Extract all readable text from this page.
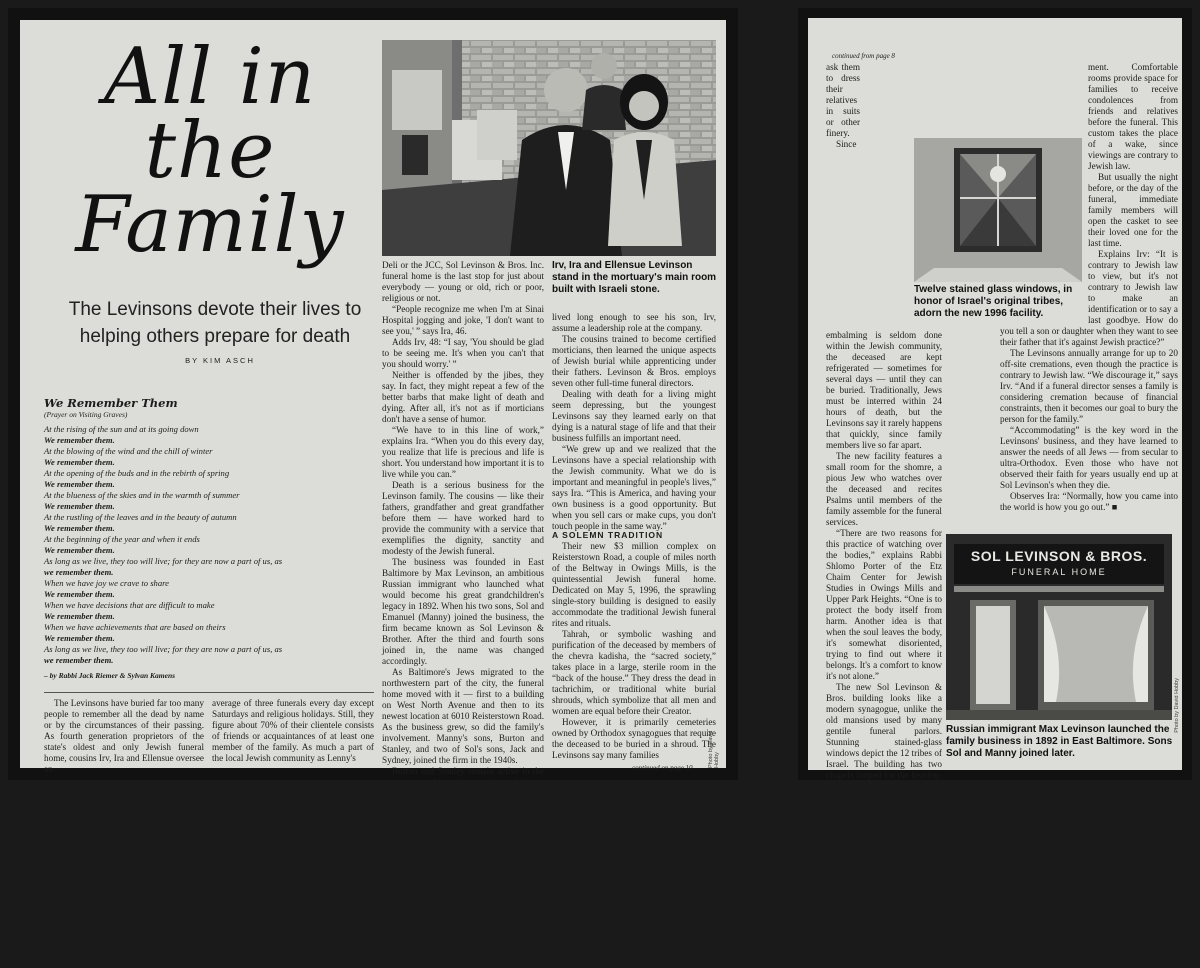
All in
the
Family
The Levinsons devote their lives to helping others prepare for death
BY KIM ASCH
We Remember Them
(Prayer on Visiting Graves)
At the rising of the sun and at its going down
We remember them.
At the blowing of the wind and the chill of winter
We remember them.
At the opening of the buds and in the rebirth of spring
We remember them.
At the blueness of the skies and in the warmth of summer
We remember them.
At the rustling of the leaves and in the beauty of autumn
We remember them.
At the beginning of the year and when it ends
We remember them.
As long as we live, they too will live; for they are now a part of us, as
we remember them.
When we have joy we crave to share
We remember them.
When we have decisions that are difficult to make
We remember them.
When we have achievements that are based on theirs
We remember them.
As long as we live, they too will live; for they are now a part of us, as
we remember them.
– by Rabbi Jack Riemer & Sylvan Kamens

The Levinsons have buried far too many people to remember all the dead by name or by the circumstances of their passing. As fourth generation proprietors of the state's oldest and only Jewish funeral home, cousins Irv, Ira and Ellensue oversee an

average of three funerals every day except Saturdays and religious holidays. Still, they figure about 70% of their clientele consists of friends or acquaintances of at least one member of the family. As much a part of the local Jewish community as Lenny's	Photo by David Hobby
Irv, Ira and Ellensue Levinson stand in the mortuary's main room built with Israeli stone.

Deli or the JCC, Sol Levinson & Bros. Inc. funeral home is the last stop for just about everybody — young or old, rich or poor, religious or not.

“People recognize me when I'm at Sinai Hospital jogging and joke, 'I don't want to see you,' ” says Ira, 46.

Adds Irv, 48: “I say, 'You should be glad to be seeing me. It's when you can't that you should worry.' ”

Neither is offended by the jibes, they say. In fact, they might repeat a few of the better barbs that make light of death and dying. After all, it's not as if morticians don't have a sense of humor.

“We have to in this line of work,” explains Ira. “When you do this every day, you realize that life is precious and life is short. You understand how important it is to live while you can.”

Death is a serious business for the Levinson family. The cousins — like their fathers, grandfather and great grandfather before them — have worked hard to provide the community with a service that exemplifies the dignity, sanctity and modesty of the Jewish funeral.

The business was founded in East Baltimore by Max Levinson, an ambitious Russian immigrant who launched what would become his great grandchildren's legacy in 1892. When his two sons, Sol and Emanuel (Manny) joined the business, the firm became known as Sol Levinson & Brother. After the third and fourth sons joined in, the name was changed accordingly.

As Baltimore's Jews migrated to the northwestern part of the city, the funeral home moved with it — first to a building on West North Avenue and then to its newest location at 6010 Reisterstown Road. As the business grew, so did the family's involvement. Manny's sons, Burton and Stanley, and two of Sol's sons, Jack and Sydney, joined the firm in the 1940s.

Burton and Stanley remain active in the business, working alongside their children, Ira and Ellensue. Jack died in 1993, but

lived long enough to see his son, Irv, assume a leadership role at the company.

The cousins trained to become certified morticians, then learned the unique aspects of Jewish burial while apprenticing under their fathers. Levinson & Bros. employs seven other full-time funeral directors.

Dealing with death for a living might seem depressing, but the youngest Levinsons say they learned early on that dying is a natural stage of life and that their business fulfills an important need.

“We grew up and we realized that the Levinsons have a special relationship with the Jewish community. What we do is important and meaningful in people's lives,” says Ira. “This is America, and having your own business is a good opportunity. But when you sell cars or make cups, you don't touch people in the same way.”

A SOLEMN TRADITION

Their new $3 million complex on Reisterstown Road, a couple of miles north of the Beltway in Owings Mills, is the quintessential Jewish funeral home. Dedicated on May 5, 1996, the sprawling single-story building is designed to easily accommodate the traditional Jewish funeral rites and rituals.

Tahrah, or symbolic washing and purification of the deceased by members of the chevra kadisha, the “sacred society,” takes place in a large, sterile room in the “back of the house.” They dress the dead in tachrichim, or traditional white burial shrouds, which symbolize that all men and women are equal before their Creator.

However, it is primarily cemeteries owned by Orthodox synagogues that require the deceased to be buried in a shroud. The Levinsons say many families

continued on page 10
continued from page 8

ask them to dress their relatives in suits or other finery.

Since embalming is seldom done within the Jewish community, the deceased are kept refrigerated — sometimes for several days — until they can be buried. Traditionally, Jews must be interred within 24 hours of death, but the Levinsons say it rarely happens that quickly, since family members live so far apart.

The new facility features a small room for the shomre, a pious Jew who watches over the deceased and recites Psalms until members of the family assemble for the funeral services.

“There are two reasons for this practice of watching over the bodies,” explains Rabbi Shlomo Porter of the Etz Chaim Center for Jewish Studies in Owings Mills and Upper Park Heights. “One is to protect the body itself from harm. Another idea is that when the soul leaves the body, it's somewhat disoriented, trying to find out where it belongs. It's a comfort to know it's not alone.”

The new Sol Levinson & Bros. building looks like a modern synagogue, unlike the old mansions used by many gentile funeral parlors. Stunning stained-glass windows depict the 12 tribes of Israel. The building has two chapels looped for the hearing-impaired, as well as a small private facility for descendants of the Kohain tribe, who are prohibited from entering the building with the dead. They may view the ceremony from inside the simple structure, which is wired for sound and video.

“We designed the building to be open and airy, because funerals are sad, solemn occasions and we didn't want this space to be dark and depressing,” says Ira.

The larger chapel seats up to 600 people, and its back wall is made of stone imported from Jerusalem — the same type found in the Wailing Wall. A lending library named in honor of Irv's mother, Marjorie, who died when she was 34, is stocked with 500 volumes on bereave-

ment. Comfortable rooms provide space for families to receive condolences from friends and relatives before the funeral. This custom takes the place of a wake, since viewings are contrary to Jewish law.

But usually the night before, or the day of the funeral, immediate family members will open the casket to see their loved one for the last time.

Explains Irv: “It is contrary to Jewish law to view, but it's not contrary to Jewish law to make an identification or to say a last goodbye. How do you tell a son or daughter when they want to see their father that it's against Jewish practice?”

The Levinsons annually arrange for up to 20 off-site cremations, even though the practice is contrary to Jewish law. “We discourage it,” says Irv. “And if a funeral director senses a family is considering cremation because of financial constraints, then it becomes our goal to bury the person for the family.”

“Accommodating” is the key word in the Levinsons' business, and they have learned to answer the needs of all Jews — from secular to ultra-Orthodox. Even those who have not observed their faith for years usually end up at Sol Levinson's when they die.

Observes Ira: “Normally, how you came into the world is how you go out.” ■

Twelve stained glass windows, in honor of Israel's original tribes, adorn the new 1996 facility.
SOL LEVINSON & BROS.
FUNERAL HOME
Photo by David Hobby
Russian immigrant Max Levinson launched the family business in 1892 in East Baltimore. Sons Sol and Manny joined later.
